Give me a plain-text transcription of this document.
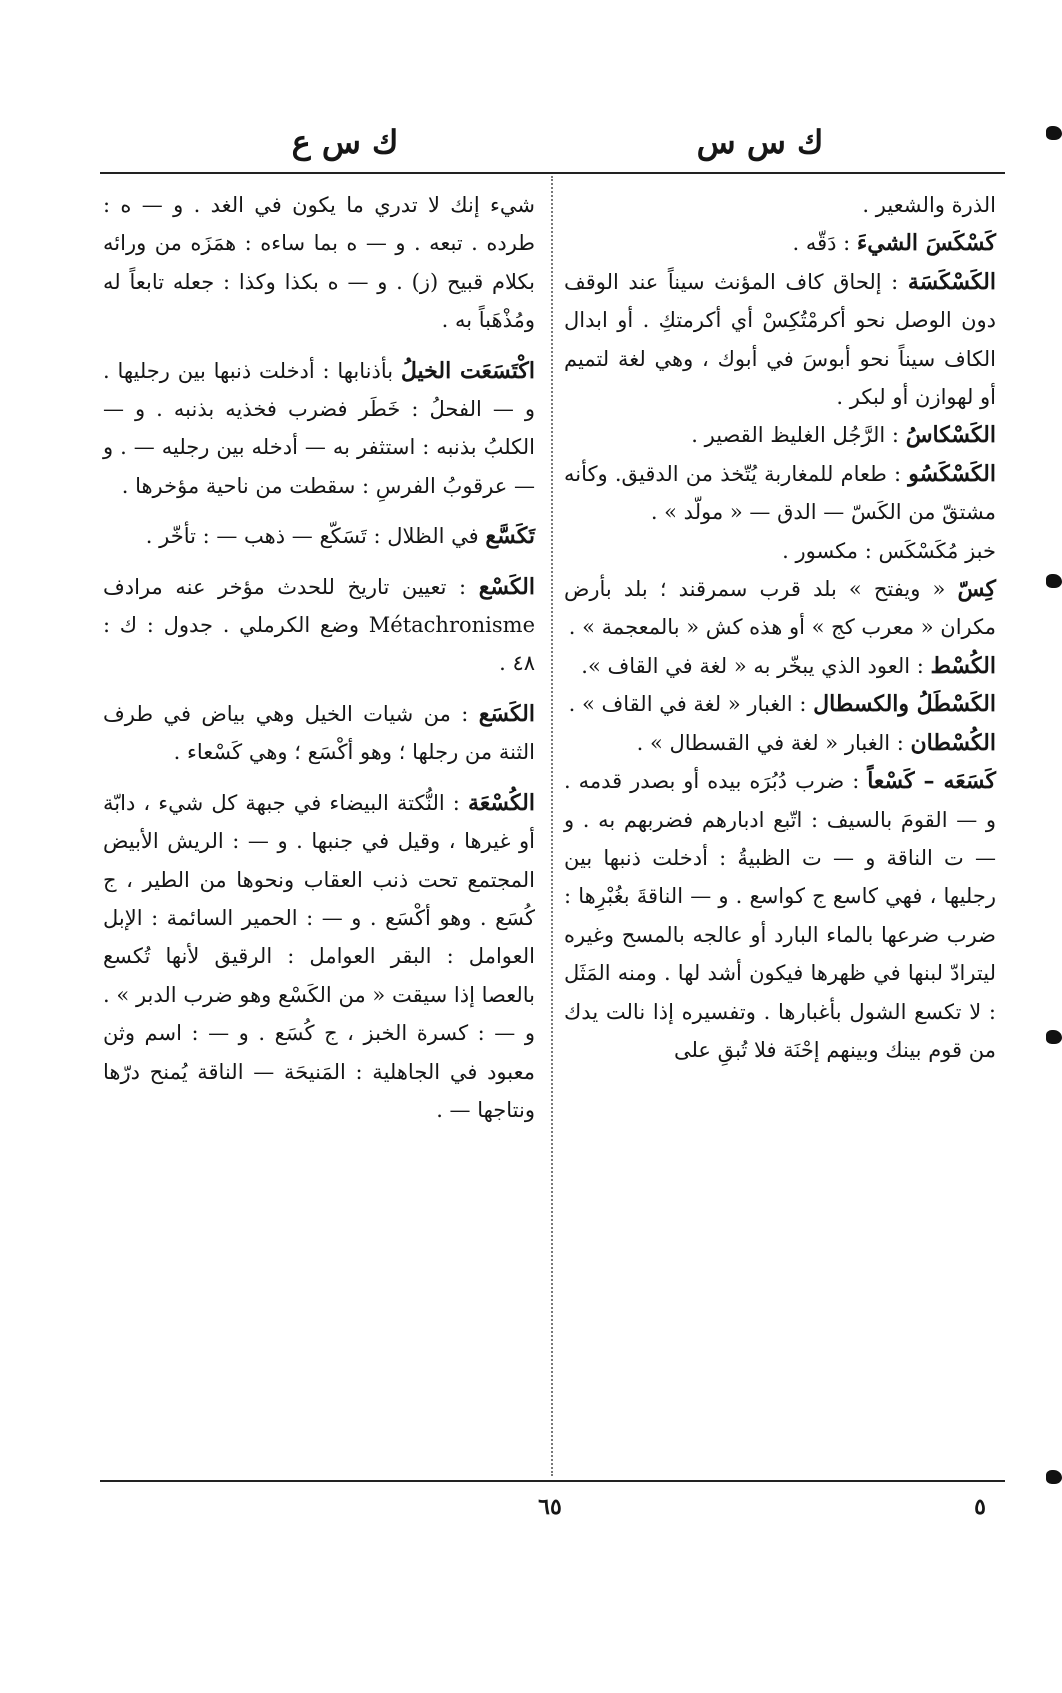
ك س س
ك س ع

الذرة والشعير .

كَسْكَسَ الشيءَ : دَقّه .

الكَسْكَسَة : إلحاق كاف المؤنث سيناً عند الوقف دون الوصل نحو أكرمْتُكِسْ أي أكرمتكِ . أو ابدال الكاف سيناً نحو أبوسَ في أبوك ، وهي لغة لتميم أو لهوازن أو لبكر .

الكَسْكاسُ : الرَّجُل الغليظ القصير .

الكَسْكَسُو : طعام للمغاربة يُتّخذ من الدقيق. وكأنه مشتقّ من الكَسّ — الدق — « مولّد » .

خبز مُكَسْكَس : مكسور .

كِسّ « ويفتح » بلد قرب سمرقند ؛ بلد بأرض مكران « معرب كج » أو هذه كش « بالمعجمة » .

الكُسْط : العود الذي يبخّر به « لغة في القاف ».

الكَسْطَلُ والكسطال : الغبار « لغة في القاف » .

الكُسْطان : الغبار « لغة في القسطال » .

كَسَعَه – كَسْعاً : ضرب دُبُرَه بيده أو بصدر قدمه . و — القومَ بالسيف : اتّبع ادبارهم فضربهم به . و — ت الناقة و — ت الظبيةُ : أدخلت ذنبها بين رجليها ، فهي كاسع ج كواسع . و — الناقةَ بغُبْرِها : ضرب ضرعها بالماء البارد أو عالجه بالمسح وغيره ليترادّ لبنها في ظهرها فيكون أشد لها . ومنه المَثَل : لا تكسع الشول بأغبارها . وتفسيره إذا نالت يدك من قوم بينك وبينهم إحْنَة فلا تُبقِ على

شيء إنك لا تدري ما يكون في الغد . و — ه : طرده . تبعه . و — ه بما ساءه : همَزَه من ورائه بكلام قبيح (ز) . و — ه بكذا وكذا : جعله تابعاً له ومُذْهَباً به .

اكْتَسَعَت الخيلُ بأذنابها : أدخلت ذنبها بين رجليها . و — الفحلُ : خَطَر فضرب فخذيه بذنبه . و — الكلبُ بذنبه : استثفر به — أدخله بين رجليه — . و — عرقوبُ الفرسِ : سقطت من ناحية مؤخرها .

تَكَسَّع في الظلال : تَسَكّع — ذهب — : تأخّر .

الكَسْع : تعيين تاريخ للحدث مؤخر عنه مرادف Métachronisme وضع الكرملي . جدول : ك : ٤٨ .

الكَسَع : من شيات الخيل وهي بياض في طرف الثنة من رجلها ؛ وهو أكْسَع ؛ وهي كَسْعاء .

الكُسْعَة : النُّكتة البيضاء في جبهة كل شيء ، دابّة أو غيرها ، وقيل في جنبها . و — : الريش الأبيض المجتمع تحت ذنب العقاب ونحوها من الطير ، ج كُسَع . وهو أكْسَع . و — : الحمير السائمة : الإبل العوامل : البقر العوامل : الرقيق لأنها تُكسع بالعصا إذا سيقت « من الكَسْع وهو ضرب الدبر » . و — : كسرة الخبز ، ج كُسَع . و — : اسم وثن معبود في الجاهلية : المَنيحَة — الناقة يُمنح درّها ونتاجها — .

٦٥	٥
